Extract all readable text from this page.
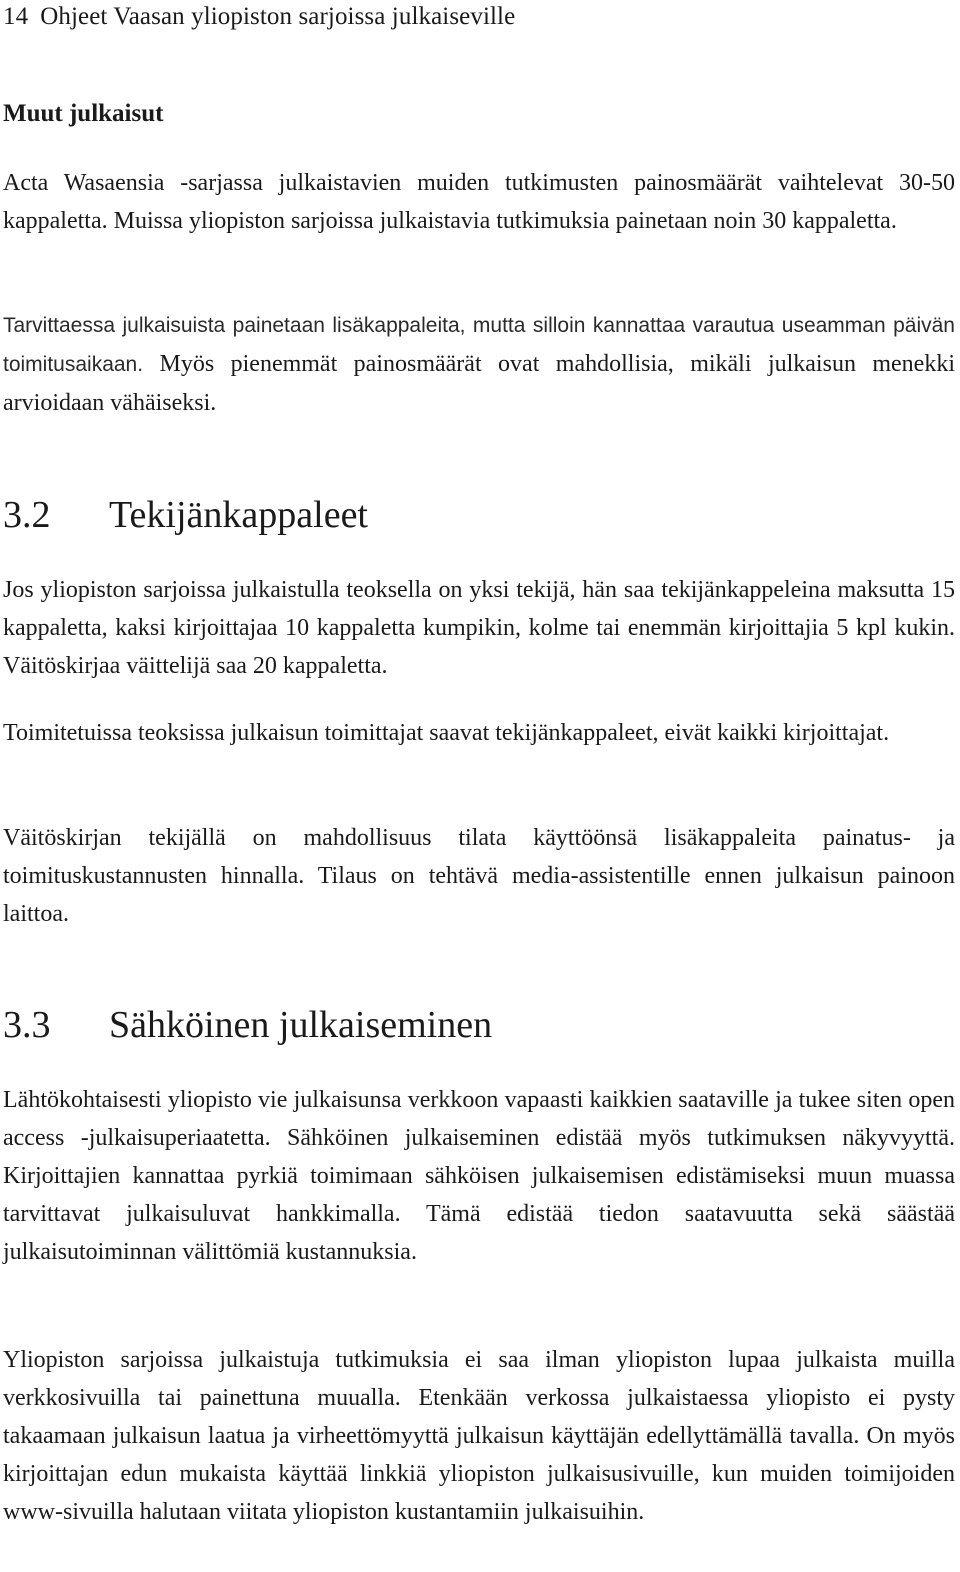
14 Ohjeet Vaasan yliopiston sarjoissa julkaiseville
Muut julkaisut
Acta Wasaensia -sarjassa julkaistavien muiden tutkimusten painosmäärät vaihtelevat 30-50 kappaletta. Muissa yliopiston sarjoissa julkaistavia tutkimuksia painetaan noin 30 kappaletta.
Tarvittaessa julkaisuista painetaan lisäkappaleita, mutta silloin kannattaa varautua useamman päivän toimitusaikaan. Myös pienemmät painosmäärät ovat mahdollisia, mikäli julkaisun menekki arvioidaan vähäiseksi.
3.2 Tekijänkappaleet
Jos yliopiston sarjoissa julkaistulla teoksella on yksi tekijä, hän saa tekijänkappeleina maksutta 15 kappaletta, kaksi kirjoittajaa 10 kappaletta kumpikin, kolme tai enemmän kirjoittajia 5 kpl kukin. Väitöskirjaa väittelijä saa 20 kappaletta.
Toimitetuissa teoksissa julkaisun toimittajat saavat tekijänkappaleet, eivät kaikki kirjoittajat.
Väitöskirjan tekijällä on mahdollisuus tilata käyttöönsä lisäkappaleita painatus- ja toimituskustannusten hinnalla. Tilaus on tehtävä media-assistentille ennen julkaisun painoon laittoa.
3.3 Sähköinen julkaiseminen
Lähtökohtaisesti yliopisto vie julkaisunsa verkkoon vapaasti kaikkien saataville ja tukee siten open access -julkaisuperiaatetta. Sähköinen julkaiseminen edistää myös tutkimuksen näkyvyyttä. Kirjoittajien kannattaa pyrkiä toimimaan sähköisen julkaisemisen edistämiseksi muun muassa tarvittavat julkaisuluvat hankkimalla. Tämä edistää tiedon saatavuutta sekä säästää julkaisutoiminnan välittömiä kustannuksia.
Yliopiston sarjoissa julkaistuja tutkimuksia ei saa ilman yliopiston lupaa julkaista muilla verkkosivuilla tai painettuna muualla. Etenkään verkossa julkaistaessa yliopisto ei pysty takaamaan julkaisun laatua ja virheettömyyttä julkaisun käyttäjän edellyttämällä tavalla. On myös kirjoittajan edun mukaista käyttää linkkiä yliopiston julkaisusivuille, kun muiden toimijoiden www-sivuilla halutaan viitata yliopiston kustantamiin julkaisuihin.
